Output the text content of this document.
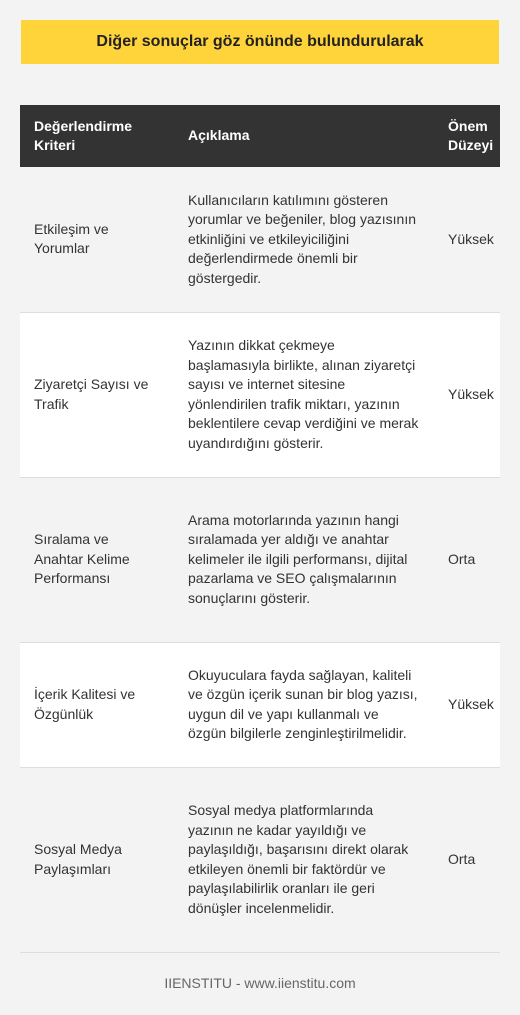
Diğer sonuçlar göz önünde bulundurularak
Değerlendirme Kriteri	Açıklama	Önem Düzeyi
Etkileşim ve Yorumlar	Kullanıcıların katılımını gösteren yorumlar ve beğeniler, blog yazısının etkinliğini ve etkileyiciliğini değerlendirmede önemli bir göstergedir.	Yüksek
Ziyaretçi Sayısı ve Trafik	Yazının dikkat çekmeye başlamasıyla birlikte, alınan ziyaretçi sayısı ve internet sitesine yönlendirilen trafik miktarı, yazının beklentilere cevap verdiğini ve merak uyandırdığını gösterir.	Yüksek
Sıralama ve Anahtar Kelime Performansı	Arama motorlarında yazının hangi sıralamada yer aldığı ve anahtar kelimeler ile ilgili performansı, dijital pazarlama ve SEO çalışmalarının sonuçlarını gösterir.	Orta
İçerik Kalitesi ve Özgünlük	Okuyuculara fayda sağlayan, kaliteli ve özgün içerik sunan bir blog yazısı, uygun dil ve yapı kullanmalı ve özgün bilgilerle zenginleştirilmelidir.	Yüksek
Sosyal Medya Paylaşımları	Sosyal medya platformlarında yazının ne kadar yayıldığı ve paylaşıldığı, başarısını direkt olarak etkileyen önemli bir faktördür ve paylaşılabilirlik oranları ile geri dönüşler incelenmelidir.	Orta
IIENSTITU - www.iienstitu.com
